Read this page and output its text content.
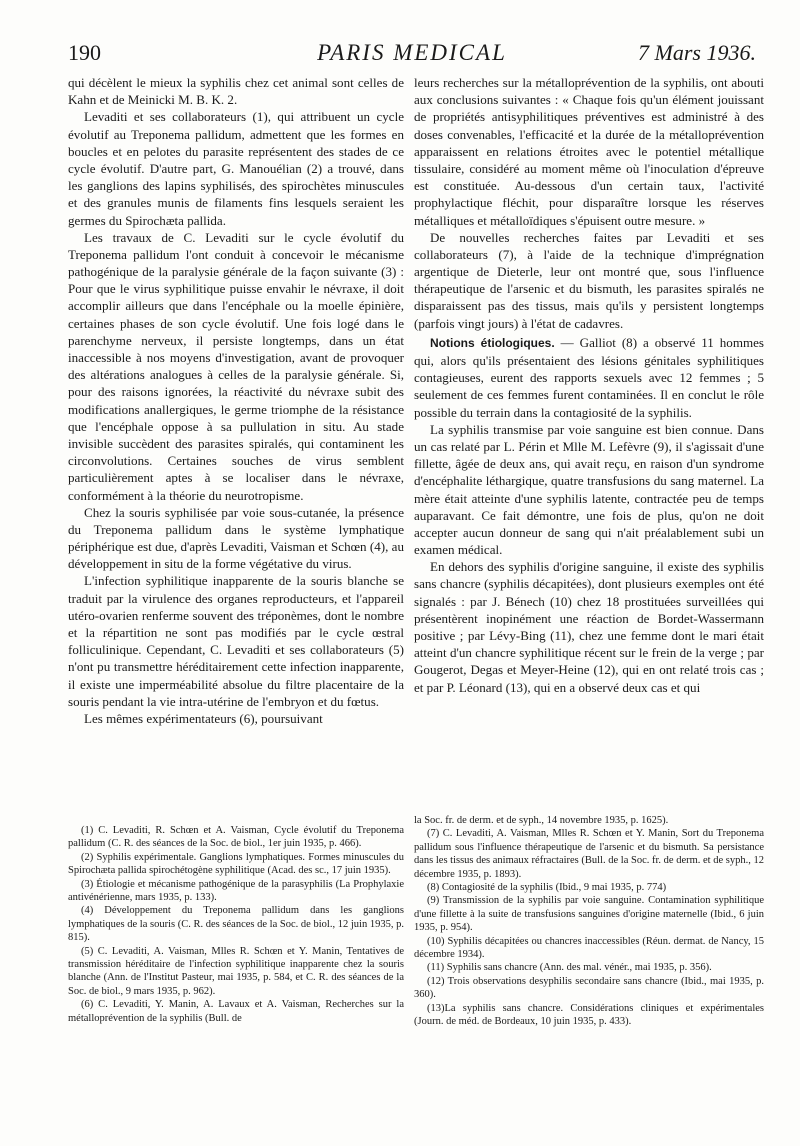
190	PARIS MEDICAL	7 Mars 1936.

qui décèlent le mieux la syphilis chez cet animal sont celles de Kahn et de Meinicki M. B. K. 2.

Levaditi et ses collaborateurs (1), qui attribuent un cycle évolutif au Treponema pallidum, admettent que les formes en boucles et en pelotes du parasite représentent des stades de ce cycle évolutif. D'autre part, G. Manouélian (2) a trouvé, dans les ganglions des lapins syphilisés, des spirochètes minuscules et des granules munis de filaments fins lesquels seraient les germes du Spirochæta pallida.

Les travaux de C. Levaditi sur le cycle évolutif du Treponema pallidum l'ont conduit à concevoir le mécanisme pathogénique de la paralysie générale de la façon suivante (3) : Pour que le virus syphilitique puisse envahir le névraxe, il doit accomplir ailleurs que dans l'encéphale ou la moelle épinière, certaines phases de son cycle évolutif. Une fois logé dans le parenchyme nerveux, il persiste longtemps, dans un état inaccessible à nos moyens d'investigation, avant de provoquer des altérations analogues à celles de la paralysie générale. Si, pour des raisons ignorées, la réactivité du névraxe subit des modifications anallergiques, le germe triomphe de la résistance que l'encéphale oppose à sa pullulation in situ. Au stade invisible succèdent des parasites spiralés, qui contaminent les circonvolutions. Certaines souches de virus semblent particulièrement aptes à se localiser dans le névraxe, conformément à la théorie du neurotropisme.

Chez la souris syphilisée par voie sous-cutanée, la présence du Treponema pallidum dans le système lymphatique périphérique est due, d'après Levaditi, Vaisman et Schœn (4), au développement in situ de la forme végétative du virus.

L'infection syphilitique inapparente de la souris blanche se traduit par la virulence des organes reproducteurs, et l'appareil utéro-ovarien renferme souvent des tréponèmes, dont le nombre et la répartition ne sont pas modifiés par le cycle œstral folliculinique. Cependant, C. Levaditi et ses collaborateurs (5) n'ont pu transmettre héréditairement cette infection inapparente, il existe une imperméabilité absolue du filtre placentaire de la souris pendant la vie intra-utérine de l'embryon et du fœtus.

Les mêmes expérimentateurs (6), poursuivant

leurs recherches sur la métalloprévention de la syphilis, ont abouti aux conclusions suivantes : « Chaque fois qu'un élément jouissant de propriétés antisyphilitiques préventives est administré à des doses convenables, l'efficacité et la durée de la métalloprévention apparaissent en relations étroites avec le potentiel métallique tissulaire, considéré au moment même où l'inoculation d'épreuve est constituée. Au-dessous d'un certain taux, l'activité prophylactique fléchit, pour disparaître lorsque les réserves métalliques et métalloïdiques s'épuisent outre mesure. »

De nouvelles recherches faites par Levaditi et ses collaborateurs (7), à l'aide de la technique d'imprégnation argentique de Dieterle, leur ont montré que, sous l'influence thérapeutique de l'arsenic et du bismuth, les parasites spiralés ne disparaissent pas des tissus, mais qu'ils y persistent longtemps (parfois vingt jours) à l'état de cadavres.

Notions étiologiques. — Galliot (8) a observé 11 hommes qui, alors qu'ils présentaient des lésions génitales syphilitiques contagieuses, eurent des rapports sexuels avec 12 femmes ; 5 seulement de ces femmes furent contaminées. Il en conclut le rôle possible du terrain dans la contagiosité de la syphilis.

La syphilis transmise par voie sanguine est bien connue. Dans un cas relaté par L. Périn et Mlle M. Lefèvre (9), il s'agissait d'une fillette, âgée de deux ans, qui avait reçu, en raison d'un syndrome d'encéphalite léthargique, quatre transfusions du sang maternel. La mère était atteinte d'une syphilis latente, contractée peu de temps auparavant. Ce fait démontre, une fois de plus, qu'on ne doit accepter aucun donneur de sang qui n'ait préalablement subi un examen médical.

En dehors des syphilis d'origine sanguine, il existe des syphilis sans chancre (syphilis décapitées), dont plusieurs exemples ont été signalés : par J. Bénech (10) chez 18 prostituées surveillées qui présentèrent inopinément une réaction de Bordet-Wassermann positive ; par Lévy-Bing (11), chez une femme dont le mari était atteint d'un chancre syphilitique récent sur le frein de la verge ; par Gougerot, Degas et Meyer-Heine (12), qui en ont relaté trois cas ; et par P. Léonard (13), qui en a observé deux cas et qui

(1) C. Levaditi, R. Schœn et A. Vaisman, Cycle évolutif du Treponema pallidum (C. R. des séances de la Soc. de biol., 1er juin 1935, p. 466).
(2) Syphilis expérimentale. Ganglions lymphatiques. Formes minuscules du Spirochæta pallida spirochétogène syphilitique (Acad. des sc., 17 juin 1935).
(3) Étiologie et mécanisme pathogénique de la parasyphilis (La Prophylaxie antivénérienne, mars 1935, p. 133).
(4) Développement du Treponema pallidum dans les ganglions lymphatiques de la souris (C. R. des séances de la Soc. de biol., 12 juin 1935, p. 815).
(5) C. Levaditi, A. Vaisman, Mlles R. Schœn et Y. Manin, Tentatives de transmission héréditaire de l'infection syphilitique inapparente chez la souris blanche (Ann. de l'Institut Pasteur, mai 1935, p. 584, et C. R. des séances de la Soc. de biol., 9 mars 1935, p. 962).
(6) C. Levaditi, Y. Manin, A. Lavaux et A. Vaisman, Recherches sur la métalloprévention de la syphilis (Bull. de
la Soc. fr. de derm. et de syph., 14 novembre 1935, p. 1625).
(7) C. Levaditi, A. Vaisman, Mlles R. Schœn et Y. Manin, Sort du Treponema pallidum sous l'influence thérapeutique de l'arsenic et du bismuth. Sa persistance dans les tissus des animaux réfractaires (Bull. de la Soc. fr. de derm. et de syph., 12 décembre 1935, p. 1893).
(8) Contagiosité de la syphilis (Ibid., 9 mai 1935, p. 774)
(9) Transmission de la syphilis par voie sanguine. Contamination syphilitique d'une fillette à la suite de transfusions sanguines d'origine maternelle (Ibid., 6 juin 1935, p. 954).
(10) Syphilis décapitées ou chancres inaccessibles (Réun. dermat. de Nancy, 15 décembre 1934).
(11) Syphilis sans chancre (Ann. des mal. vénér., mai 1935, p. 356).
(12) Trois observations desyphilis secondaire sans chancre (Ibid., mai 1935, p. 360).
(13)La syphilis sans chancre. Considérations cliniques et expérimentales (Journ. de méd. de Bordeaux, 10 juin 1935, p. 433).
